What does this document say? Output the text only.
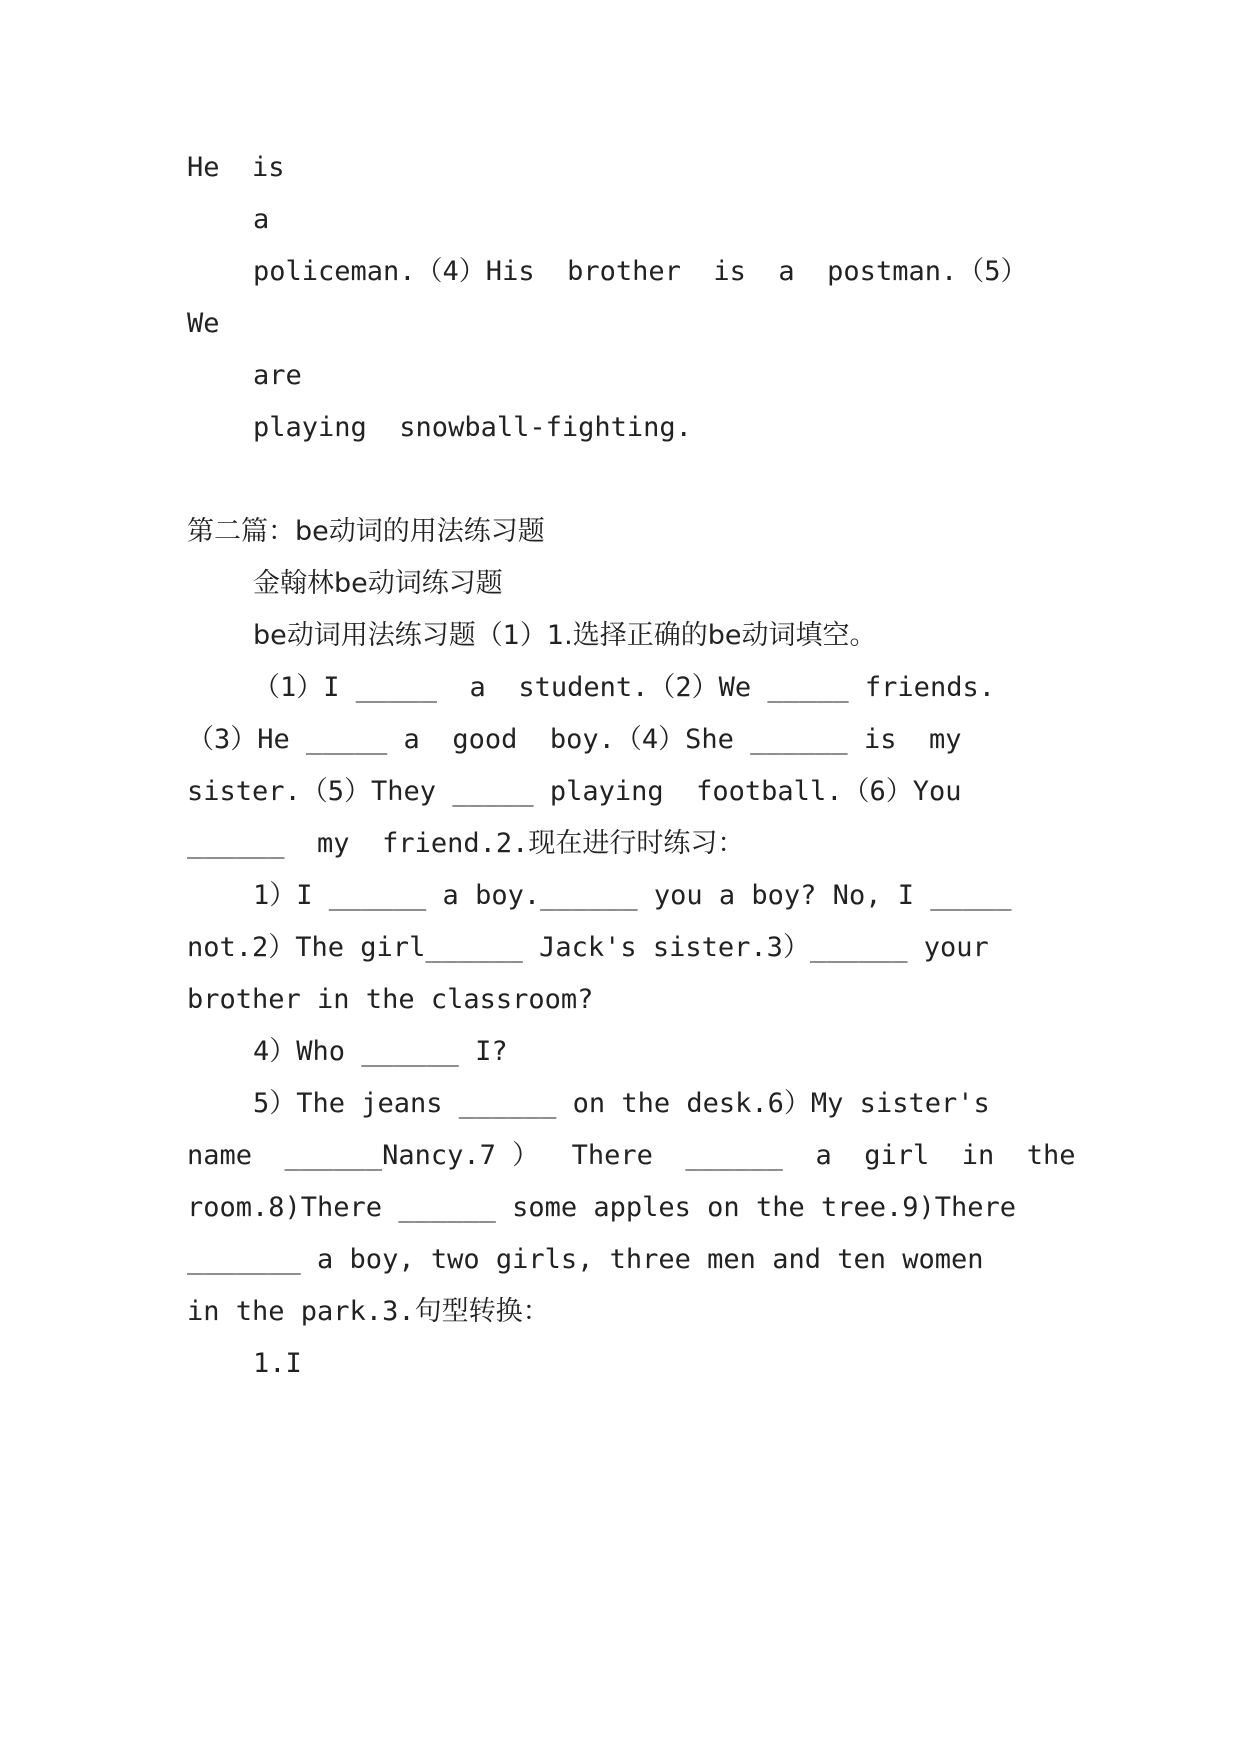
He  is
a
policeman.（4）His  brother  is  a  postman.（5）
We
are
playing  snowball-fighting.
第二篇：be动词的用法练习题
金翰林be动词练习题
be动词用法练习题（1）1.选择正确的be动词填空。
（1）I _____  a  student.（2）We _____ friends.
（3）He _____ a  good  boy.（4）She ______ is  my
sister.（5）They _____ playing  football.（6）You
______  my  friend.2.现在进行时练习：
1）I ______ a boy.______ you a boy? No, I _____
not.2）The girl______ Jack's sister.3）______ your
brother in the classroom?
4）Who ______ I?
5）The jeans ______ on the desk.6）My sister's
name  ______Nancy.7 ）  There  ______  a  girl  in  the
room.8)There ______ some apples on the tree.9)There
_______ a boy, two girls, three men and ten women
in the park.3.句型转换：
1.I
